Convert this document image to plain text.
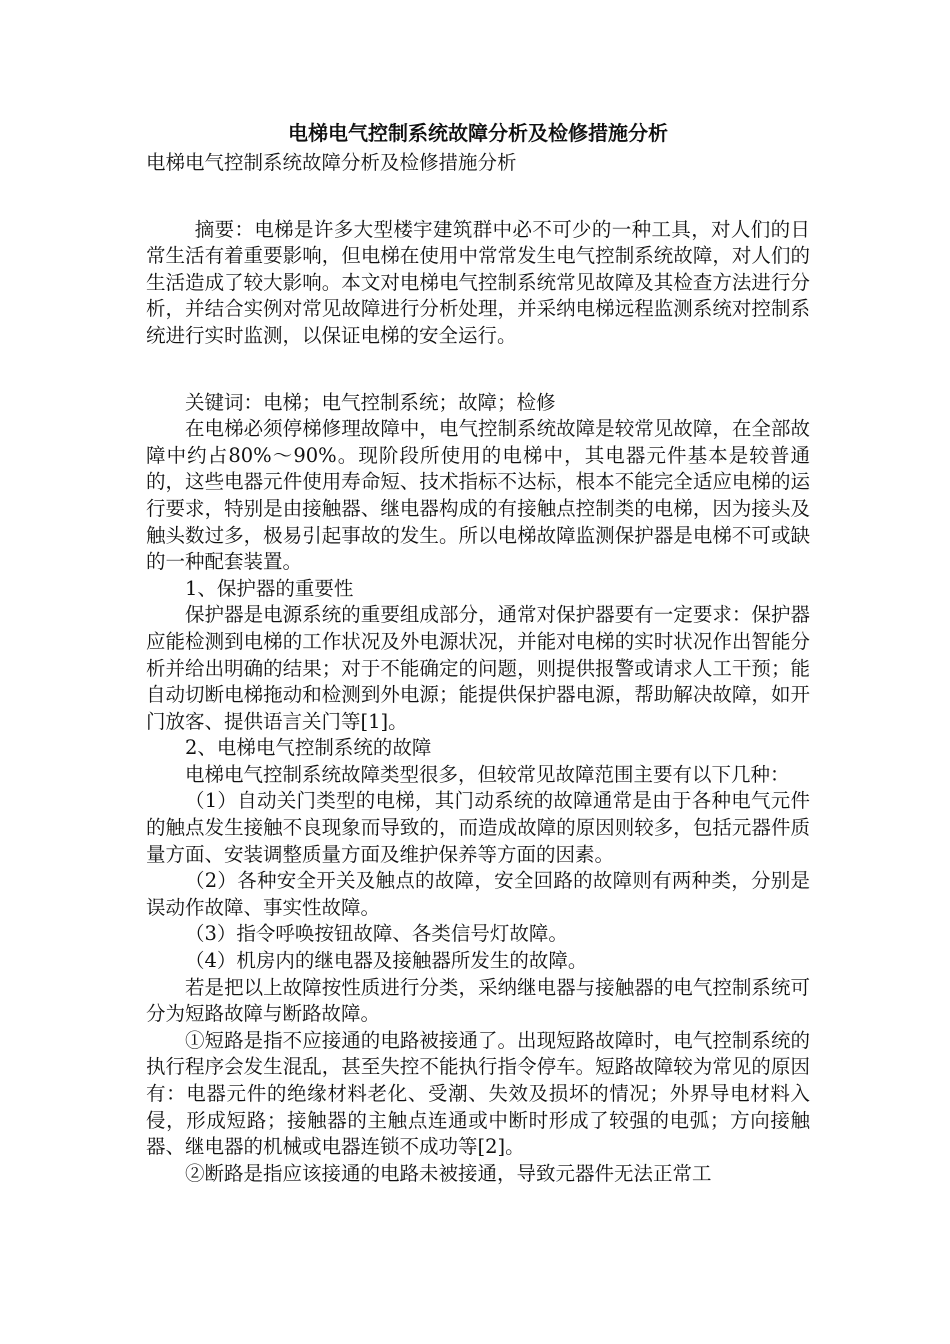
电梯电气控制系统故障分析及检修措施分析
电梯电气控制系统故障分析及检修措施分析
摘要：电梯是许多大型楼宇建筑群中必不可少的一种工具，对人们的日常生活有着重要影响，但电梯在使用中常常发生电气控制系统故障，对人们的生活造成了较大影响。本文对电梯电气控制系统常见故障及其检查方法进行分析，并结合实例对常见故障进行分析处理，并采纳电梯远程监测系统对控制系统进行实时监测，以保证电梯的安全运行。
关键词：电梯；电气控制系统；故障；检修
在电梯必须停梯修理故障中，电气控制系统故障是较常见故障，在全部故障中约占80%～90%。现阶段所使用的电梯中，其电器元件基本是较普通的，这些电器元件使用寿命短、技术指标不达标，根本不能完全适应电梯的运行要求，特别是由接触器、继电器构成的有接触点控制类的电梯，因为接头及触头数过多，极易引起事故的发生。所以电梯故障监测保护器是电梯不可或缺的一种配套装置。
1、保护器的重要性
保护器是电源系统的重要组成部分，通常对保护器要有一定要求：保护器应能检测到电梯的工作状况及外电源状况，并能对电梯的实时状况作出智能分析并给出明确的结果；对于不能确定的问题，则提供报警或请求人工干预；能自动切断电梯拖动和检测到外电源；能提供保护器电源，帮助解决故障，如开门放客、提供语言关门等[1]。
2、电梯电气控制系统的故障
电梯电气控制系统故障类型很多，但较常见故障范围主要有以下几种：
（1）自动关门类型的电梯，其门动系统的故障通常是由于各种电气元件的触点发生接触不良现象而导致的，而造成故障的原因则较多，包括元器件质量方面、安装调整质量方面及维护保养等方面的因素。
（2）各种安全开关及触点的故障，安全回路的故障则有两种类，分别是误动作故障、事实性故障。
（3）指令呼唤按钮故障、各类信号灯故障。
（4）机房内的继电器及接触器所发生的故障。
若是把以上故障按性质进行分类，采纳继电器与接触器的电气控制系统可分为短路故障与断路故障。
①短路是指不应接通的电路被接通了。出现短路故障时，电气控制系统的执行程序会发生混乱，甚至失控不能执行指令停车。短路故障较为常见的原因有：电器元件的绝缘材料老化、受潮、失效及损坏的情况；外界导电材料入侵，形成短路；接触器的主触点连通或中断时形成了较强的电弧；方向接触器、继电器的机械或电器连锁不成功等[2]。
②断路是指应该接通的电路未被接通，导致元器件无法正常工
